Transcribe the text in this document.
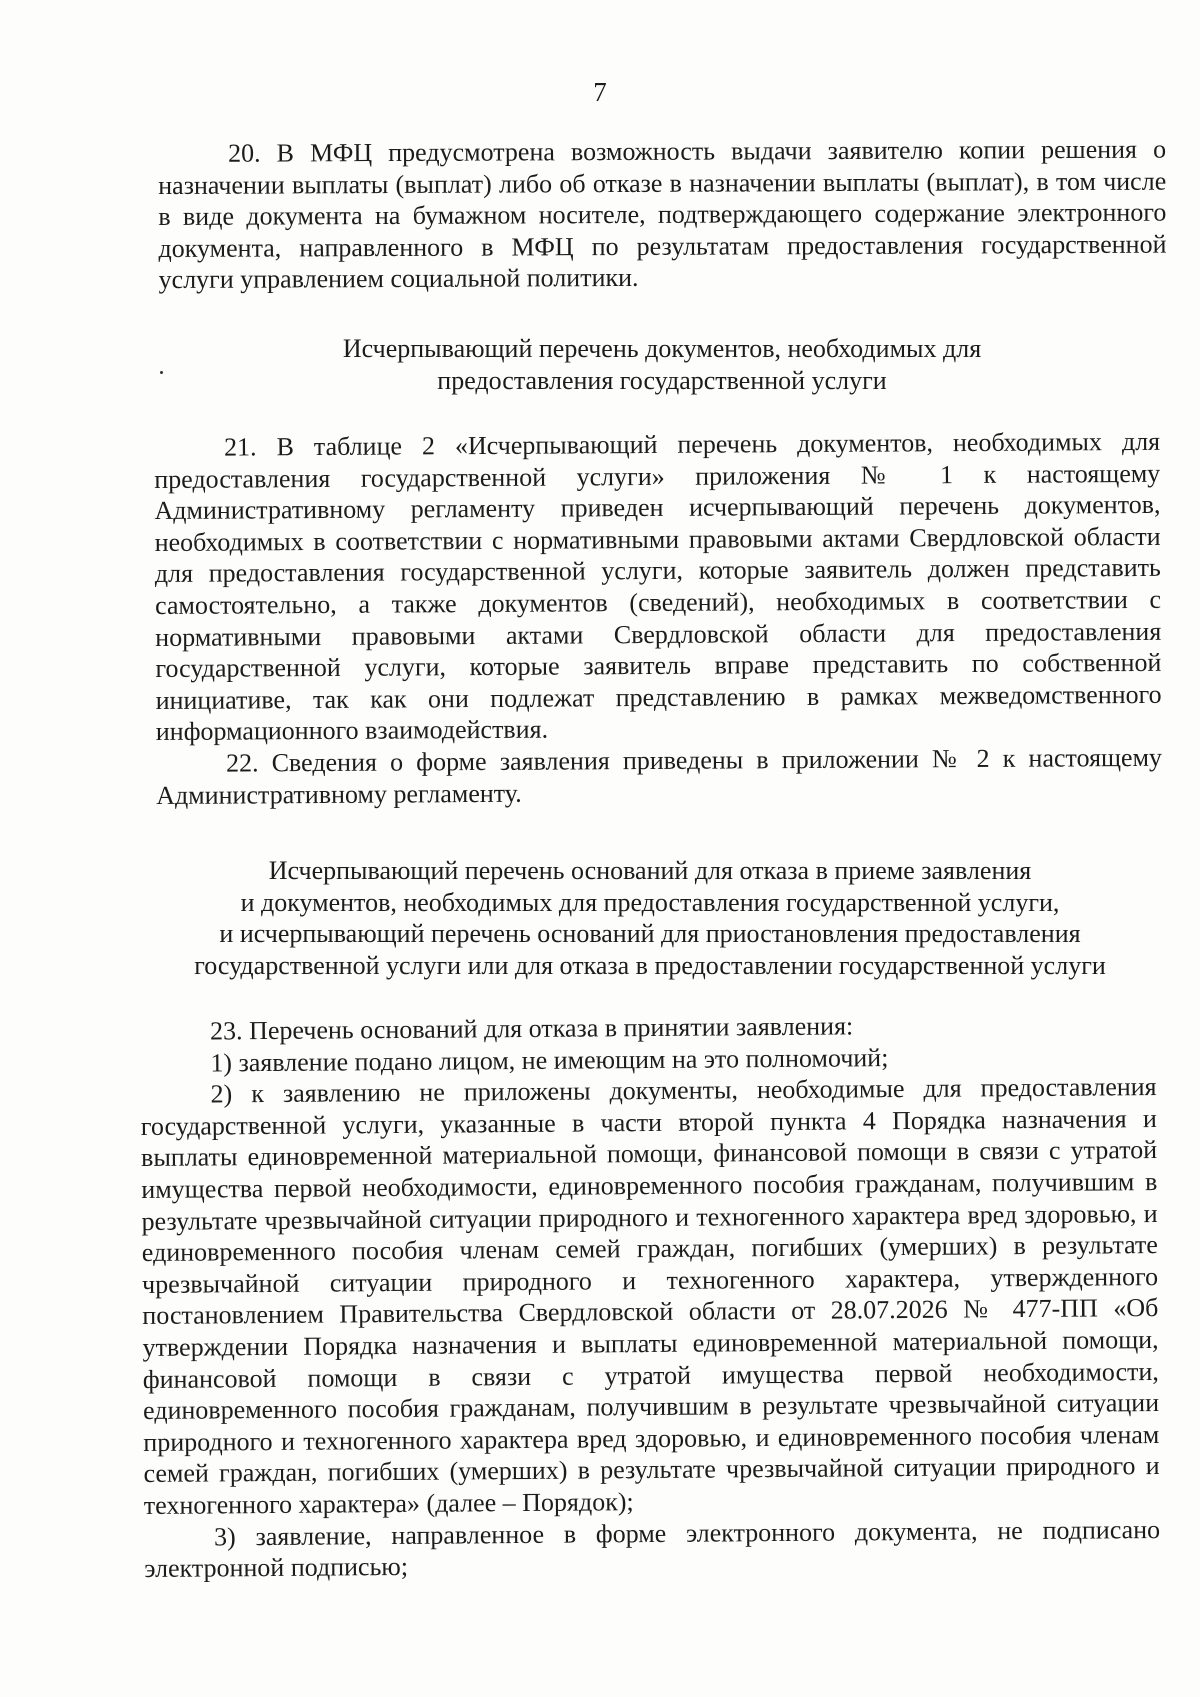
7

20. В МФЦ предусмотрена возможность выдачи заявителю копии решения о назначении выплаты (выплат) либо об отказе в назначении выплаты (выплат), в том числе в виде документа на бумажном носителе, подтверждающего содержание электронного документа, направленного в МФЦ по результатам предоставления государственной услуги управлением социальной политики.

Исчерпывающий перечень документов, необходимых для

предоставления государственной услуги

21. В таблице 2 «Исчерпывающий перечень документов, необходимых для предоставления государственной услуги» приложения № 1 к настоящему Административному регламенту приведен исчерпывающий перечень документов, необходимых в соответствии с нормативными правовыми актами Свердловской области для предоставления государственной услуги, которые заявитель должен представить самостоятельно, а также документов (сведений), необходимых в соответствии с нормативными правовыми актами Свердловской области для предоставления государственной услуги, которые заявитель вправе представить по собственной инициативе, так как они подлежат представлению в рамках межведомственного информационного взаимодействия.

22. Сведения о форме заявления приведены в приложении № 2 к настоящему Административному регламенту.

Исчерпывающий перечень оснований для отказа в приеме заявления

и документов, необходимых для предоставления государственной услуги,

и исчерпывающий перечень оснований для приостановления предоставления

государственной услуги или для отказа в предоставлении государственной услуги

23. Перечень оснований для отказа в принятии заявления:

1) заявление подано лицом, не имеющим на это полномочий;

2) к заявлению не приложены документы, необходимые для предоставления государственной услуги, указанные в части второй пункта 4 Порядка назначения и выплаты единовременной материальной помощи, финансовой помощи в связи с утратой имущества первой необходимости, единовременного пособия гражданам, получившим в результате чрезвычайной ситуации природного и техногенного характера вред здоровью, и единовременного пособия членам семей граждан, погибших (умерших) в результате чрезвычайной ситуации природного и техногенного характера, утвержденного постановлением Правительства Свердловской области от 28.07.2026 № 477-ПП «Об утверждении Порядка назначения и выплаты единовременной материальной помощи, финансовой помощи в связи с утратой имущества первой необходимости, единовременного пособия гражданам, получившим в результате чрезвычайной ситуации природного и техногенного характера вред здоровью, и единовременного пособия членам семей граждан, погибших (умерших) в результате чрезвычайной ситуации природного и техногенного характера» (далее – Порядок);

3) заявление, направленное в форме электронного документа, не подписано электронной подписью;
